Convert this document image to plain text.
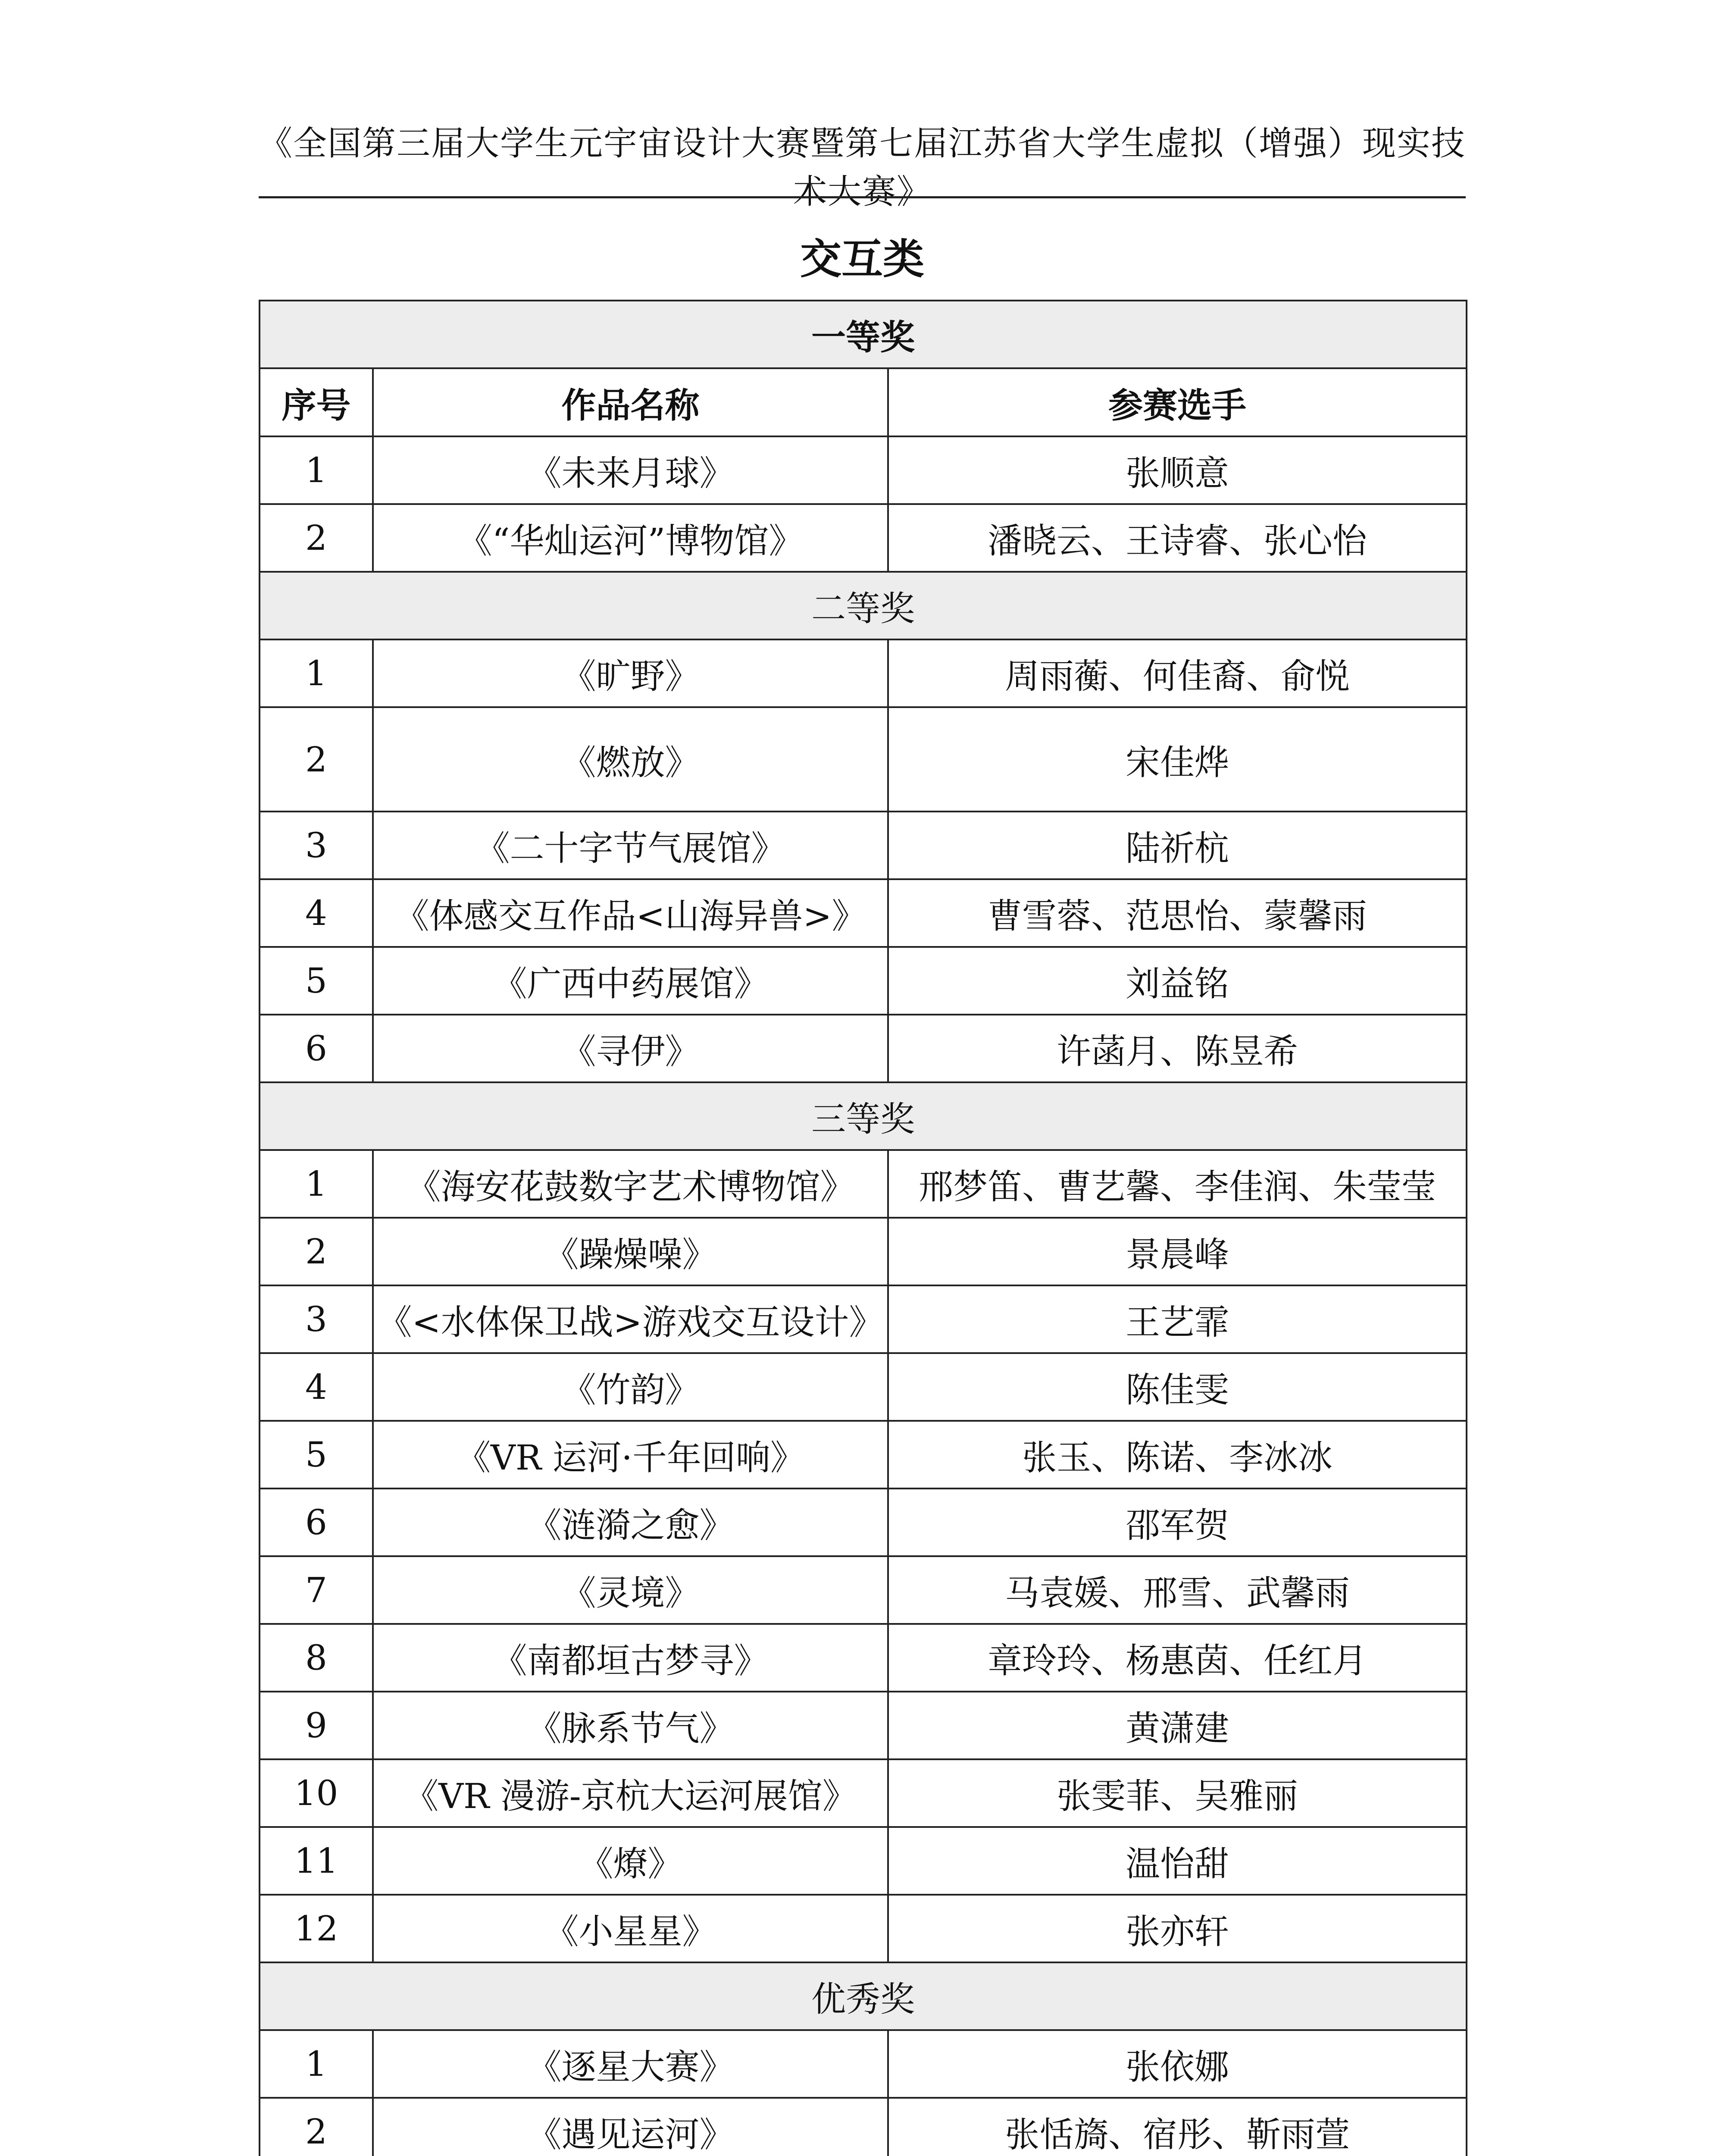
《全国第三届大学生元宇宙设计大赛暨第七届江苏省大学生虚拟（增强）现实技术大赛》
交互类
一等奖		
序号	作品名称	参赛选手
1	《未来月球》	张顺意
2	《“华灿运河”博物馆》	潘晓云、王诗睿、张心怡
二等奖		
1	《旷野》	周雨蘅、何佳裔、俞悦
2	《燃放》	宋佳烨
3	《二十字节气展馆》	陆祈杭
4	《体感交互作品<山海异兽>》	曹雪蓉、范思怡、蒙馨雨
5	《广西中药展馆》	刘益铭
6	《寻伊》	许菡月、陈昱希
三等奖		
1	《海安花鼓数字艺术博物馆》	邢梦笛、曹艺馨、李佳润、朱莹莹
2	《躁燥噪》	景晨峰
3	《<水体保卫战>游戏交互设计》	王艺霏
4	《竹韵》	陈佳雯
5	《VR 运河·千年回响》	张玉、陈诺、李冰冰
6	《涟漪之愈》	邵军贺
7	《灵境》	马袁媛、邢雪、武馨雨
8	《南都垣古梦寻》	章玲玲、杨惠茵、任红月
9	《脉系节气》	黄潇建
10	《VR 漫游-京杭大运河展馆》	张雯菲、吴雅丽
11	《燎》	温怡甜
12	《小星星》	张亦轩
优秀奖		
1	《逐星大赛》	张依娜
2	《遇见运河》	张恬旖、宿彤、靳雨萱
